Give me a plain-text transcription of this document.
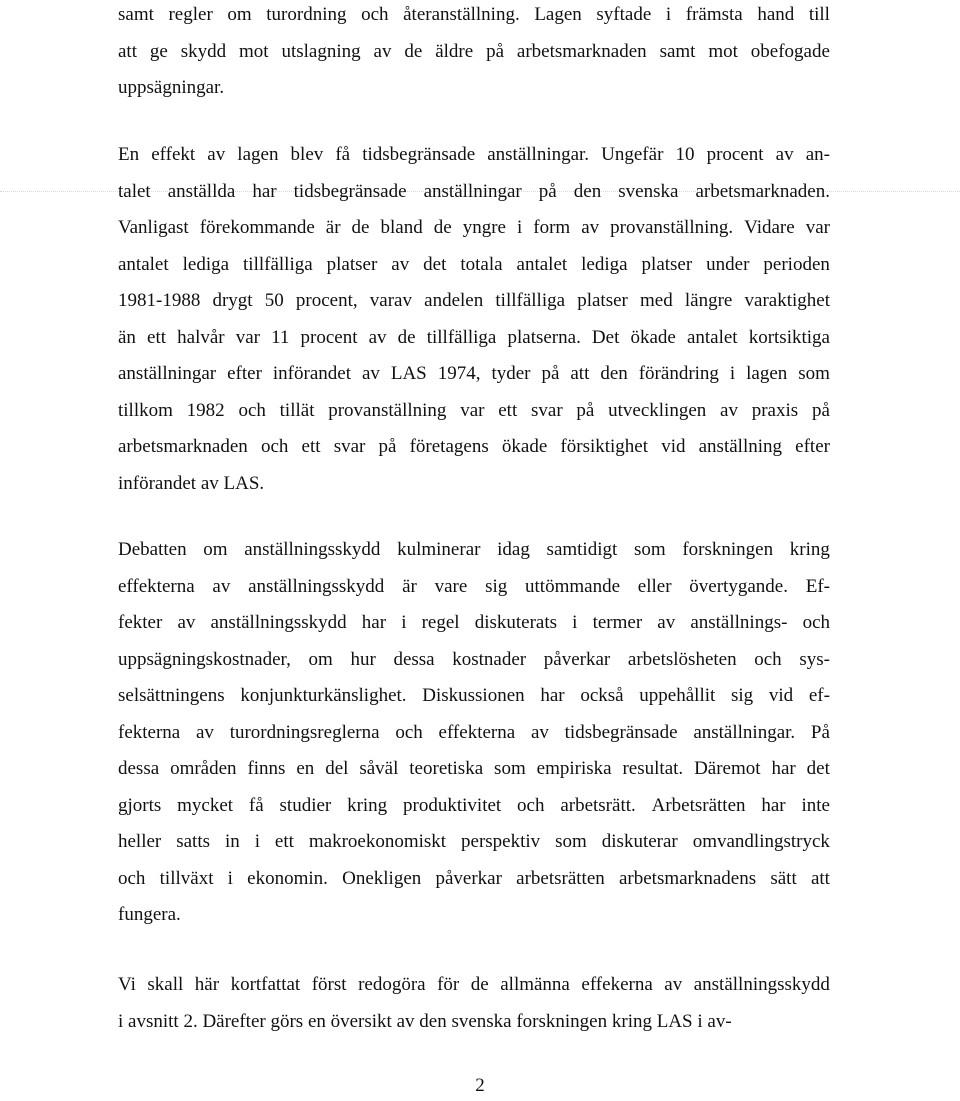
samt regler om turordning och återanställning. Lagen syftade i främsta hand till
att ge skydd mot utslagning av de äldre på arbetsmarknaden samt mot obefogade
uppsägningar.
En effekt av lagen blev få tidsbegränsade anställningar. Ungefär 10 procent av an-
talet anställda har tidsbegränsade anställningar på den svenska arbetsmarknaden.
Vanligast förekommande är de bland de yngre i form av provanställning. Vidare var
antalet lediga tillfälliga platser av det totala antalet lediga platser under perioden
1981-1988 drygt 50 procent, varav andelen tillfälliga platser med längre varaktighet
än ett halvår var 11 procent av de tillfälliga platserna. Det ökade antalet kortsiktiga
anställningar efter införandet av LAS 1974, tyder på att den förändring i lagen som
tillkom 1982 och tillät provanställning var ett svar på utvecklingen av praxis på
arbetsmarknaden och ett svar på företagens ökade försiktighet vid anställning efter
införandet av LAS.
Debatten om anställningsskydd kulminerar idag samtidigt som forskningen kring
effekterna av anställningsskydd är vare sig uttömmande eller övertygande. Ef-
fekter av anställningsskydd har i regel diskuterats i termer av anställnings- och
uppsägningskostnader, om hur dessa kostnader påverkar arbetslösheten och sys-
selsättningens konjunkturkänslighet. Diskussionen har också uppehållit sig vid ef-
fekterna av turordningsreglerna och effekterna av tidsbegränsade anställningar. På
dessa områden finns en del såväl teoretiska som empiriska resultat. Däremot har det
gjorts mycket få studier kring produktivitet och arbetsrätt. Arbetsrätten har inte
heller satts in i ett makroekonomiskt perspektiv som diskuterar omvandlingstryck
och tillväxt i ekonomin. Onekligen påverkar arbetsrätten arbetsmarknadens sätt att
fungera.
Vi skall här kortfattat först redogöra för de allmänna effekerna av anställningsskydd
i avsnitt 2. Därefter görs en översikt av den svenska forskningen kring LAS i av-
2
